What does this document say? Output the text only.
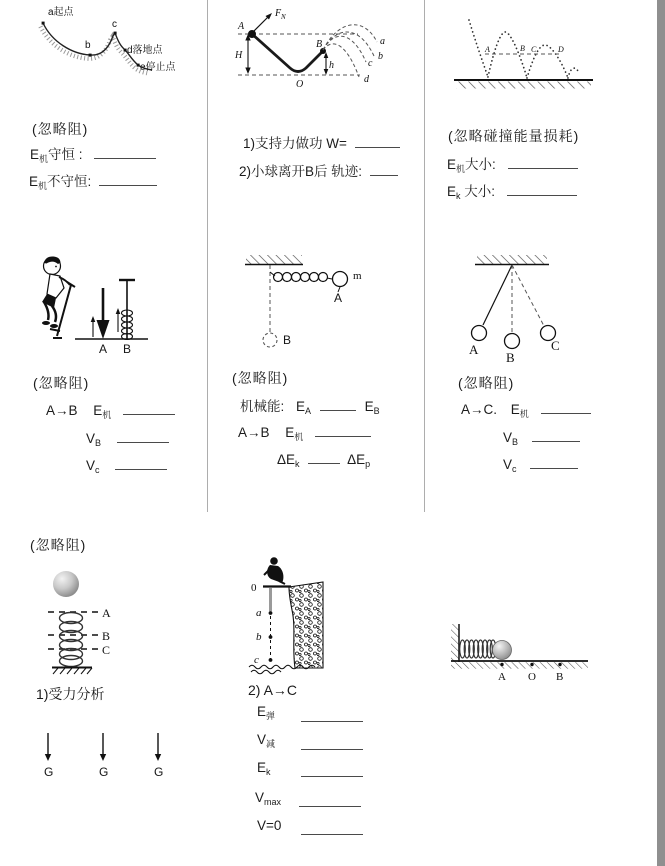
a起点
b
c
d落地点
e停止点
(忽略阻)
$E_机$守恒 :
$E_机$不守恒:
F N
A
H
h
B
O
a
b
c
d
1)支持力做功 W=
2)小球离开B后 轨迹:
A	B C	D
(忽略碰撞能量损耗)
$E_机$大小:
$E_k$ 大小:
A B
(忽略阻)
A→B $E_机$
$V_B$
$V_c$
B
m
A
(忽略阻)
机械能: $E_A$	$E_B$
A→B $E_机$
$\Delta E_k$	$\Delta E_p$
A
B
C
(忽略阻)
A→C. $E_机$
$V_B$
$V_c$
(忽略阻)
A
B
C
1)受力分析
G	G	G
0
a
b
c
2) A→C
$E_弹$
$V_减$
$E_k$
$V_{max}$
V=0
A O B
